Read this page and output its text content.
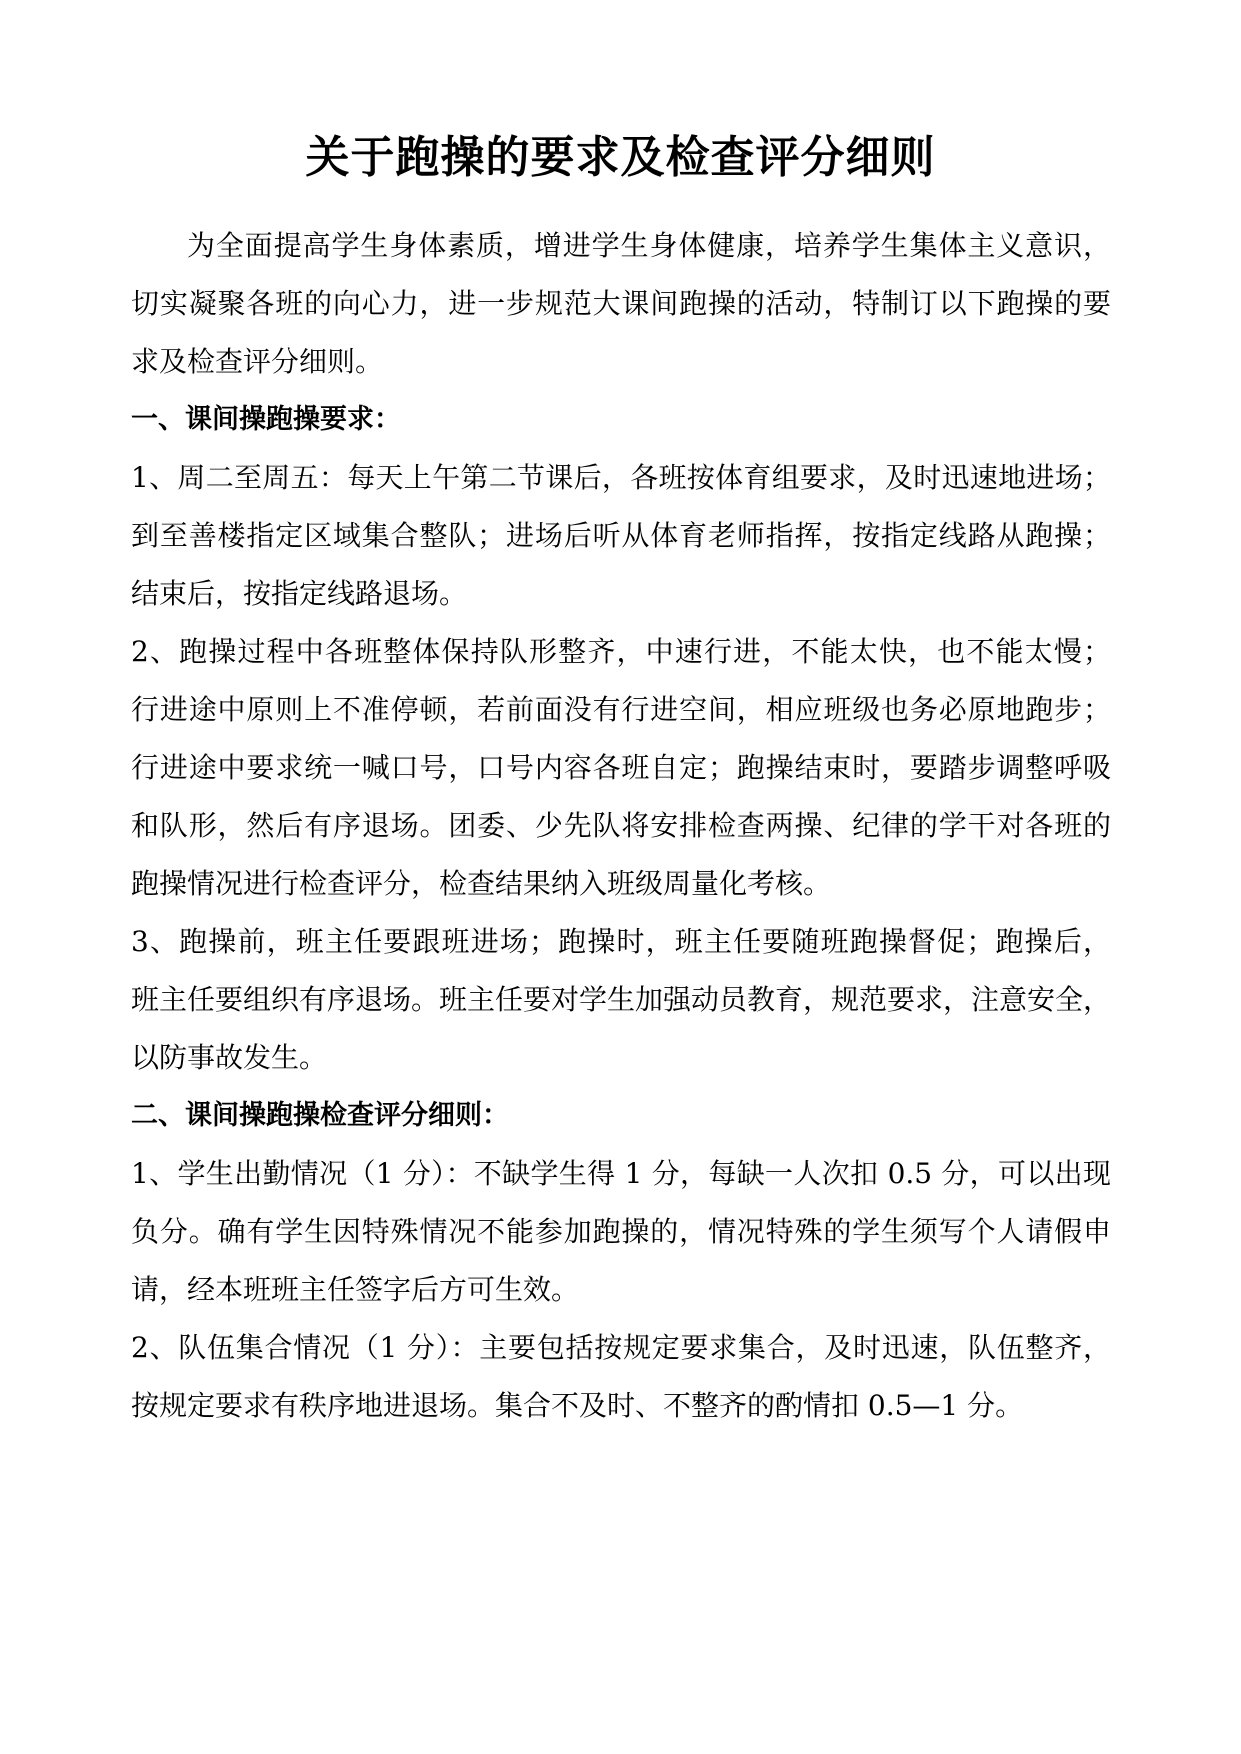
关于跑操的要求及检查评分细则
为全面提高学生身体素质，增进学生身体健康，培养学生集体主义意识，
切实凝聚各班的向心力，进一步规范大课间跑操的活动，特制订以下跑操的要
求及检查评分细则。
一、课间操跑操要求：
1、周二至周五：每天上午第二节课后，各班按体育组要求，及时迅速地进场；
到至善楼指定区域集合整队；进场后听从体育老师指挥，按指定线路从跑操；
结束后，按指定线路退场。
2、跑操过程中各班整体保持队形整齐，中速行进，不能太快，也不能太慢；
行进途中原则上不准停顿，若前面没有行进空间，相应班级也务必原地跑步；
行进途中要求统一喊口号，口号内容各班自定；跑操结束时，要踏步调整呼吸
和队形，然后有序退场。团委、少先队将安排检查两操、纪律的学干对各班的
跑操情况进行检查评分，检查结果纳入班级周量化考核。
3、跑操前，班主任要跟班进场；跑操时，班主任要随班跑操督促；跑操后，
班主任要组织有序退场。班主任要对学生加强动员教育，规范要求，注意安全，
以防事故发生。
二、课间操跑操检查评分细则：
1、学生出勤情况（1 分）：不缺学生得 1 分，每缺一人次扣 0.5 分，可以出现
负分。确有学生因特殊情况不能参加跑操的，情况特殊的学生须写个人请假申
请，经本班班主任签字后方可生效。
2、队伍集合情况（1 分）：主要包括按规定要求集合，及时迅速，队伍整齐，
按规定要求有秩序地进退场。集合不及时、不整齐的酌情扣 0.5—1 分。
